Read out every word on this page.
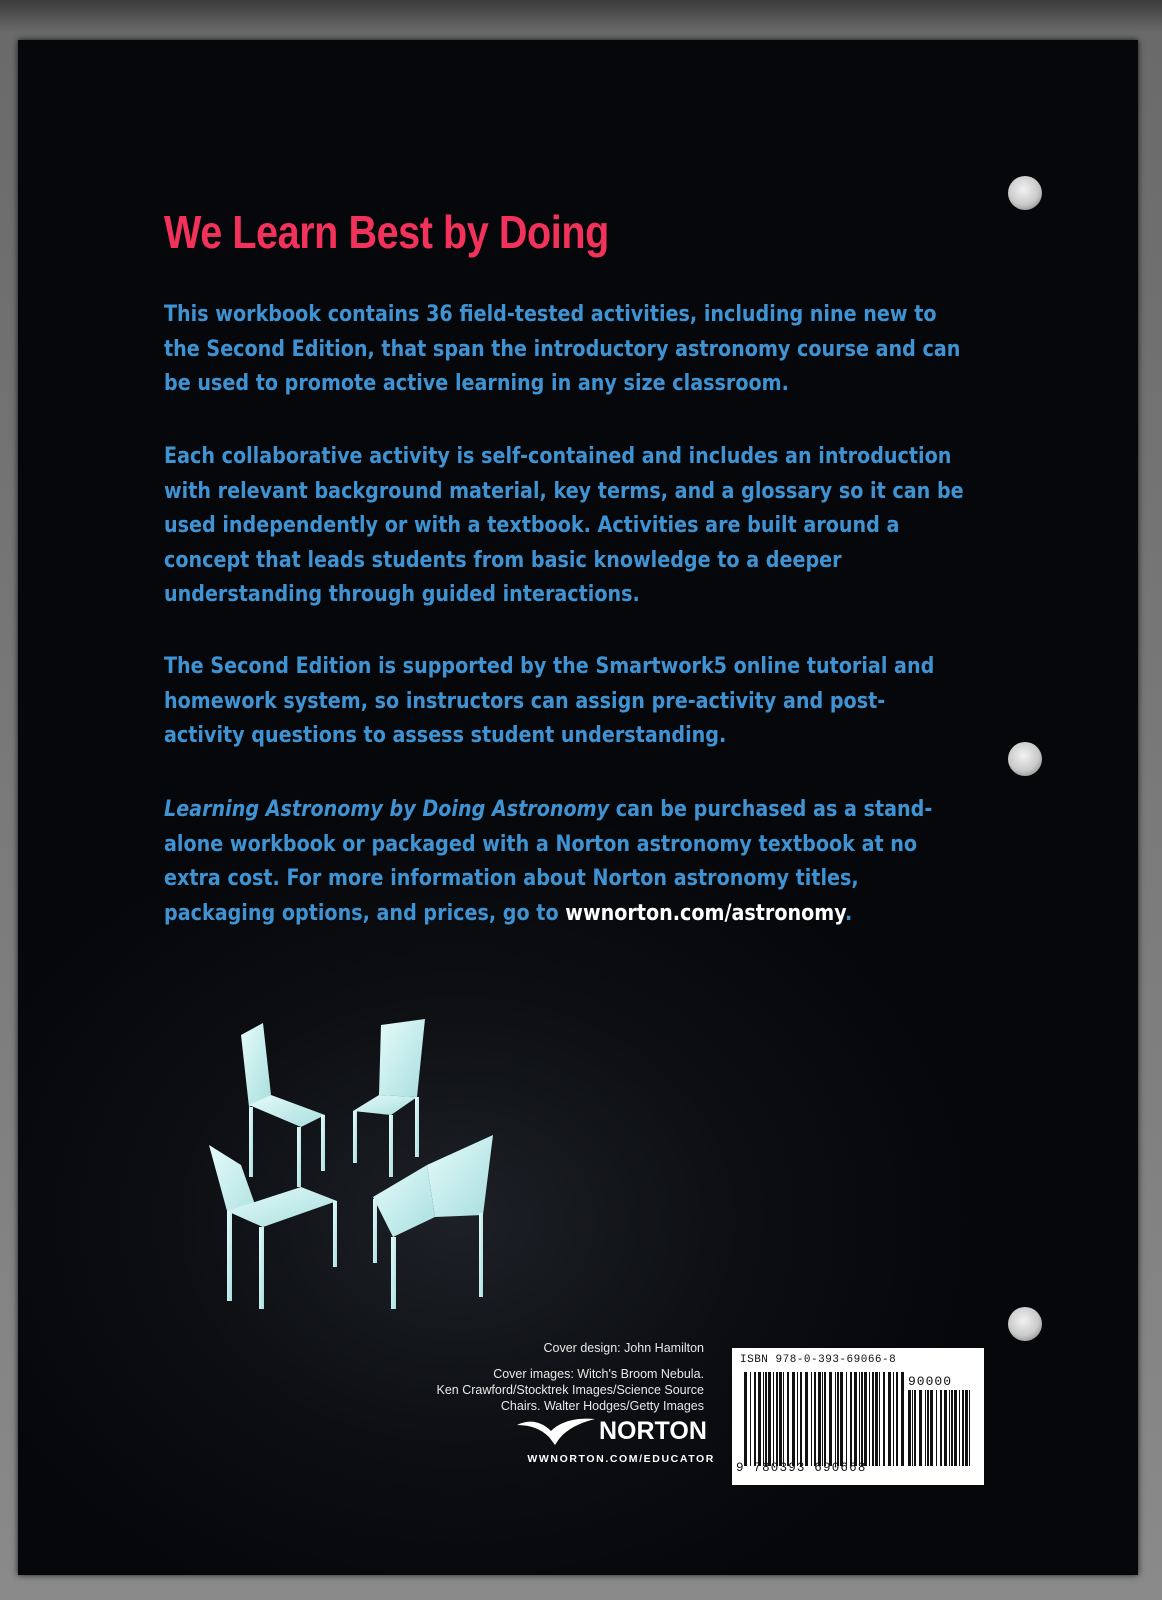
We Learn Best by Doing

This workbook contains 36 field-tested activities, including nine new to the Second Edition, that span the introductory astronomy course and can be used to promote active learning in any size classroom.

Each collaborative activity is self-contained and includes an introduction with relevant background material, key terms, and a glossary so it can be used independently or with a textbook. Activities are built around a concept that leads students from basic knowledge to a deeper understanding through guided interactions.

The Second Edition is supported by the Smartwork5 online tutorial and homework system, so instructors can assign pre-activity and post-activity questions to assess student understanding.

Learning Astronomy by Doing Astronomy can be purchased as a stand-alone workbook or packaged with a Norton astronomy textbook at no extra cost. For more information about Norton astronomy titles, packaging options, and prices, go to wwnorton.com/astronomy.

Cover design: John Hamilton
Cover images: Witch's Broom Nebula.
Ken Crawford/Stocktrek Images/Science Source
Chairs. Walter Hodges/Getty Images
NORTON
WWNORTON.COM/EDUCATOR
ISBN 978-0-393-69066-8
90000
9 780393 690668
